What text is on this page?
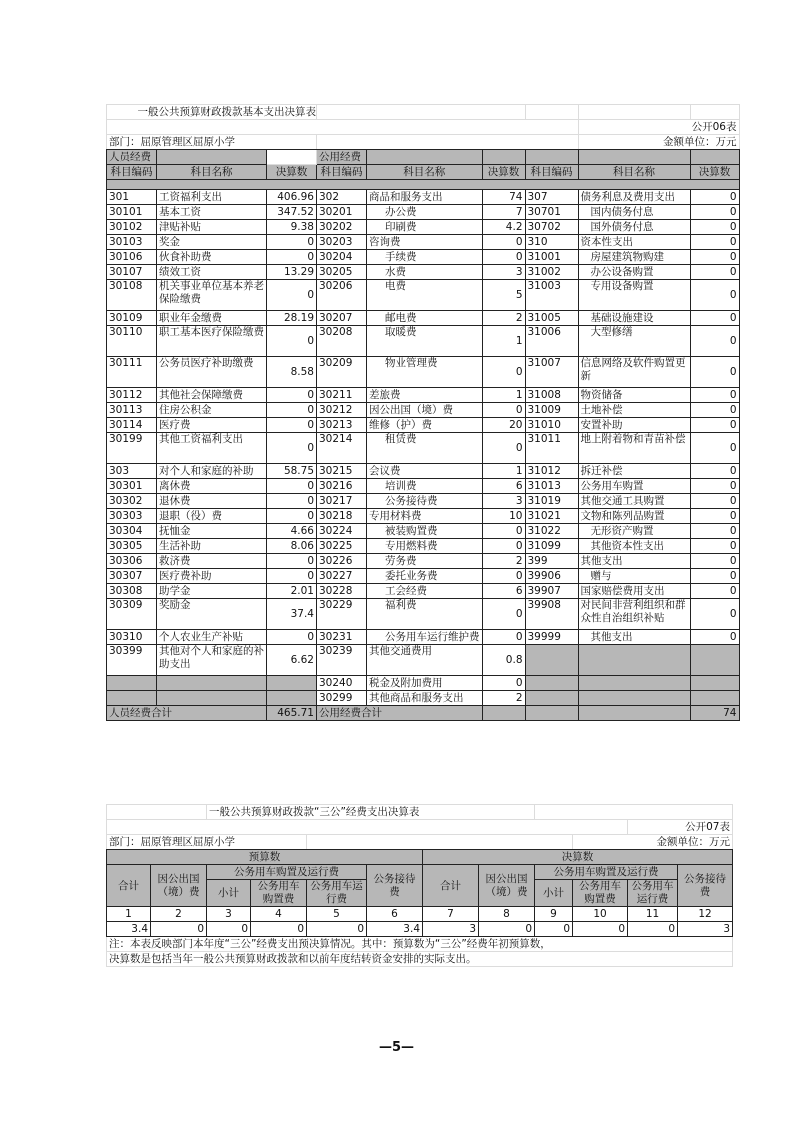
一般公共预算财政拨款基本支出决算表								
							公开06表	
部门：屈原管理区屈原小学							金额单位：万元	
人员经费			公用经费					
科目编码	科目名称	决算数	科目编码	科目名称	决算数	科目编码	科目名称	决算数

301	工资福利支出	406.96	302	商品和服务支出	74	307	债务利息及费用支出	0
30101	基本工资	347.52	30201	办公费	7	30701	国内债务付息	0
30102	津贴补贴	9.38	30202	印刷费	4.2	30702	国外债务付息	0
30103	奖金	0	30203	咨询费	0	310	资本性支出	0
30106	伙食补助费	0	30204	手续费	0	31001	房屋建筑物购建	0
30107	绩效工资	13.29	30205	水费	3	31002	办公设备购置	0
30108	机关事业单位基本养老保险缴费	0	30206	电费	5	31003	专用设备购置	0
30109	职业年金缴费	28.19	30207	邮电费	2	31005	基础设施建设	0
30110	职工基本医疗保险缴费	0	30208	取暖费	1	31006	大型修缮	0
30111	公务员医疗补助缴费	8.58	30209	物业管理费	0	31007	信息网络及软件购置更新	0
30112	其他社会保障缴费	0	30211	差旅费	1	31008	物资储备	0
30113	住房公积金	0	30212	因公出国（境）费	0	31009	土地补偿	0
30114	医疗费	0	30213	维修（护）费	20	31010	安置补助	0
30199	其他工资福利支出	0	30214	租赁费	0	31011	地上附着物和青苗补偿	0
303	对个人和家庭的补助	58.75	30215	会议费	1	31012	拆迁补偿	0
30301	离休费	0	30216	培训费	6	31013	公务用车购置	0
30302	退休费	0	30217	公务接待费	3	31019	其他交通工具购置	0
30303	退职（役）费	0	30218	专用材料费	10	31021	文物和陈列品购置	0
30304	抚恤金	4.66	30224	被装购置费	0	31022	无形资产购置	0
30305	生活补助	8.06	30225	专用燃料费	0	31099	其他资本性支出	0
30306	救济费	0	30226	劳务费	2	399	其他支出	0
30307	医疗费补助	0	30227	委托业务费	0	39906	赠与	0
30308	助学金	2.01	30228	工会经费	6	39907	国家赔偿费用支出	0
30309	奖励金	37.4	30229	福利费	0	39908	对民间非营利组织和群众性自治组织补贴	0
30310	个人农业生产补贴	0	30231	公务用车运行维护费	0	39999	其他支出	0
30399	其他对个人和家庭的补助支出	6.62	30239	其他交通费用	0.8			
			30240	税金及附加费用	0			
			30299	其他商品和服务支出	2			
人员经费合计		465.71	公用经费合计					74
		一般公共预算财政拨款“三公”经费支出决算表									
										公开07表	
部门：屈原管理区屈原小学									金额单位：万元		
预算数						决算数					
合计	因公出国（境）费	公务用车购置及运行费			公务接待费	合计	因公出国（境）费	公务用车购置及运行费			公务接待费
		小计	公务用车购置费	公务用车运行费				小计	公务用车购置费	公务用车运行费	

1	2	3	4	5	6	7	8	9	10	11	12
3.4	0	0	0	0	3.4	3	0	0	0	0	3
注：本表反映部门本年度“三公”经费支出预决算情况。其中：预算数为“三公”经费年初预算数，											
决算数是包括当年一般公共预算财政拨款和以前年度结转资金安排的实际支出。											
—5—
